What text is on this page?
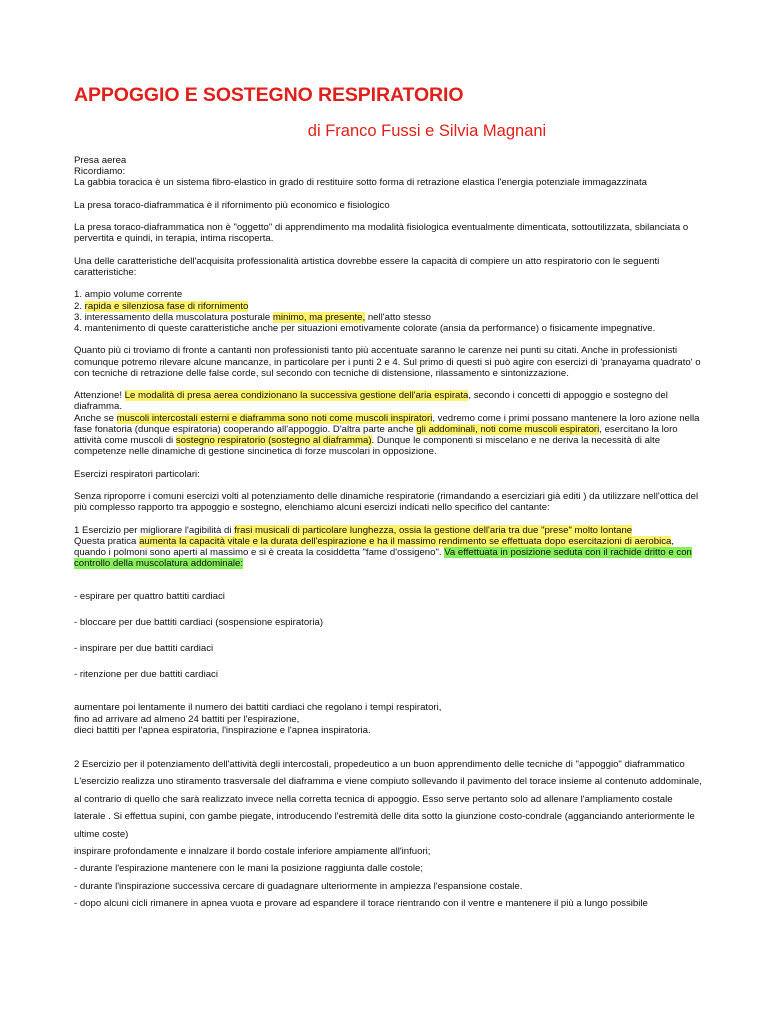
APPOGGIO E SOSTEGNO RESPIRATORIO
di Franco Fussi e Silvia Magnani

Presa aerea

Ricordiamo:

La gabbia toracica è un sistema fibro-elastico in grado di restituire sotto forma di retrazione elastica l'energia potenziale immagazzinata

La presa toraco-diaframmatica è il rifornimento più economico e fisiologico

La presa toraco-diaframmatica non è "oggetto" di apprendimento ma modalità fisiologica eventualmente dimenticata, sottoutilizzata, sbilanciata o pervertita e quindi, in terapia, intima riscoperta.

Una delle caratteristiche dell'acquisita professionalità artistica dovrebbe essere la capacità di compiere un atto respiratorio con le seguenti caratteristiche:

1. ampio volume corrente

2. rapida e silenziosa fase di rifornimento

3. interessamento della muscolatura posturale minimo, ma presente, nell'atto stesso

4. mantenimento di queste caratteristiche anche per situazioni emotivamente colorate (ansia da performance) o fisicamente impegnative.

Quanto più ci troviamo di fronte a cantanti non professionisti tanto più accentuate saranno le carenze nei punti su citati. Anche in professionisti comunque potremo rilevare alcune mancanze, in particolare per i punti 2 e 4. Sul primo di questi si può agire con esercizi di 'pranayama quadrato' o con tecniche di retrazione delle false corde, sul secondo con tecniche di distensione, rilassamento e sintonizzazione.

Attenzione! Le modalità di presa aerea condizionano la successiva gestione dell'aria espirata, secondo i concetti di appoggio e sostegno del diaframma.
Anche se muscoli intercostali esterni e diaframma sono noti come muscoli inspiratori, vedremo come i primi possano mantenere la loro azione nella fase fonatoria (dunque espiratoria) cooperando all'appoggio. D'altra parte anche gli addominali, noti come muscoli espiratori, esercitano la loro attività come muscoli di sostegno respiratorio (sostegno al diaframma). Dunque le componenti si miscelano e ne deriva la necessità di alte competenze nelle dinamiche di gestione sincinetica di forze muscolari in opposizione.

Esercizi respiratori particolari:

Senza riproporre i comuni esercizi volti al potenziamento delle dinamiche respiratorie (rimandando a eserciziari già editi ) da utilizzare nell'ottica del più complesso rapporto tra appoggio e sostegno, elenchiamo alcuni esercizi indicati nello specifico del cantante:

1 Esercizio per migliorare l'agibilità di frasi musicali di particolare lunghezza, ossia la gestione dell'aria tra due "prese" molto lontane
Questa pratica aumenta la capacità vitale e la durata dell'espirazione e ha il massimo rendimento se effettuata dopo esercitazioni di aerobica, quando i polmoni sono aperti al massimo e si è creata la cosiddetta "fame d'ossigeno". Va effettuata in posizione seduta con il rachide dritto e con controllo della muscolatura addominale:

- espirare per quattro battiti cardiaci

- bloccare per due battiti cardiaci (sospensione espiratoria)

- inspirare per due battiti cardiaci

- ritenzione per due battiti cardiaci

aumentare poi lentamente il numero dei battiti cardiaci che regolano i tempi respiratori,

fino ad arrivare ad almeno 24 battiti per l'espirazione,

dieci battiti per l'apnea espiratoria, l'inspirazione e l'apnea inspiratoria.

2 Esercizio per il potenziamento dell'attività degli intercostali, propedeutico a un buon apprendimento delle tecniche di "appoggio" diaframmatico

L'esercizio realizza uno stiramento trasversale del diaframma e viene compiuto sollevando il pavimento del torace insieme al contenuto addominale, al contrario di quello che sarà realizzato invece nella corretta tecnica di appoggio. Esso serve pertanto solo ad allenare l'ampliamento costale laterale . Si effettua supini, con gambe piegate, introducendo l'estremità delle dita sotto la giunzione costo-condrale (agganciando anteriormente le ultime coste)

inspirare profondamente e innalzare il bordo costale inferiore ampiamente all'infuori;

- durante l'espirazione mantenere con le mani la posizione raggiunta dalle costole;

- durante l'inspirazione successiva cercare di guadagnare ulteriormente in ampiezza l'espansione costale.

- dopo alcuni cicli rimanere in apnea vuota e provare ad espandere il torace rientrando con il ventre e mantenere il più a lungo possibile
